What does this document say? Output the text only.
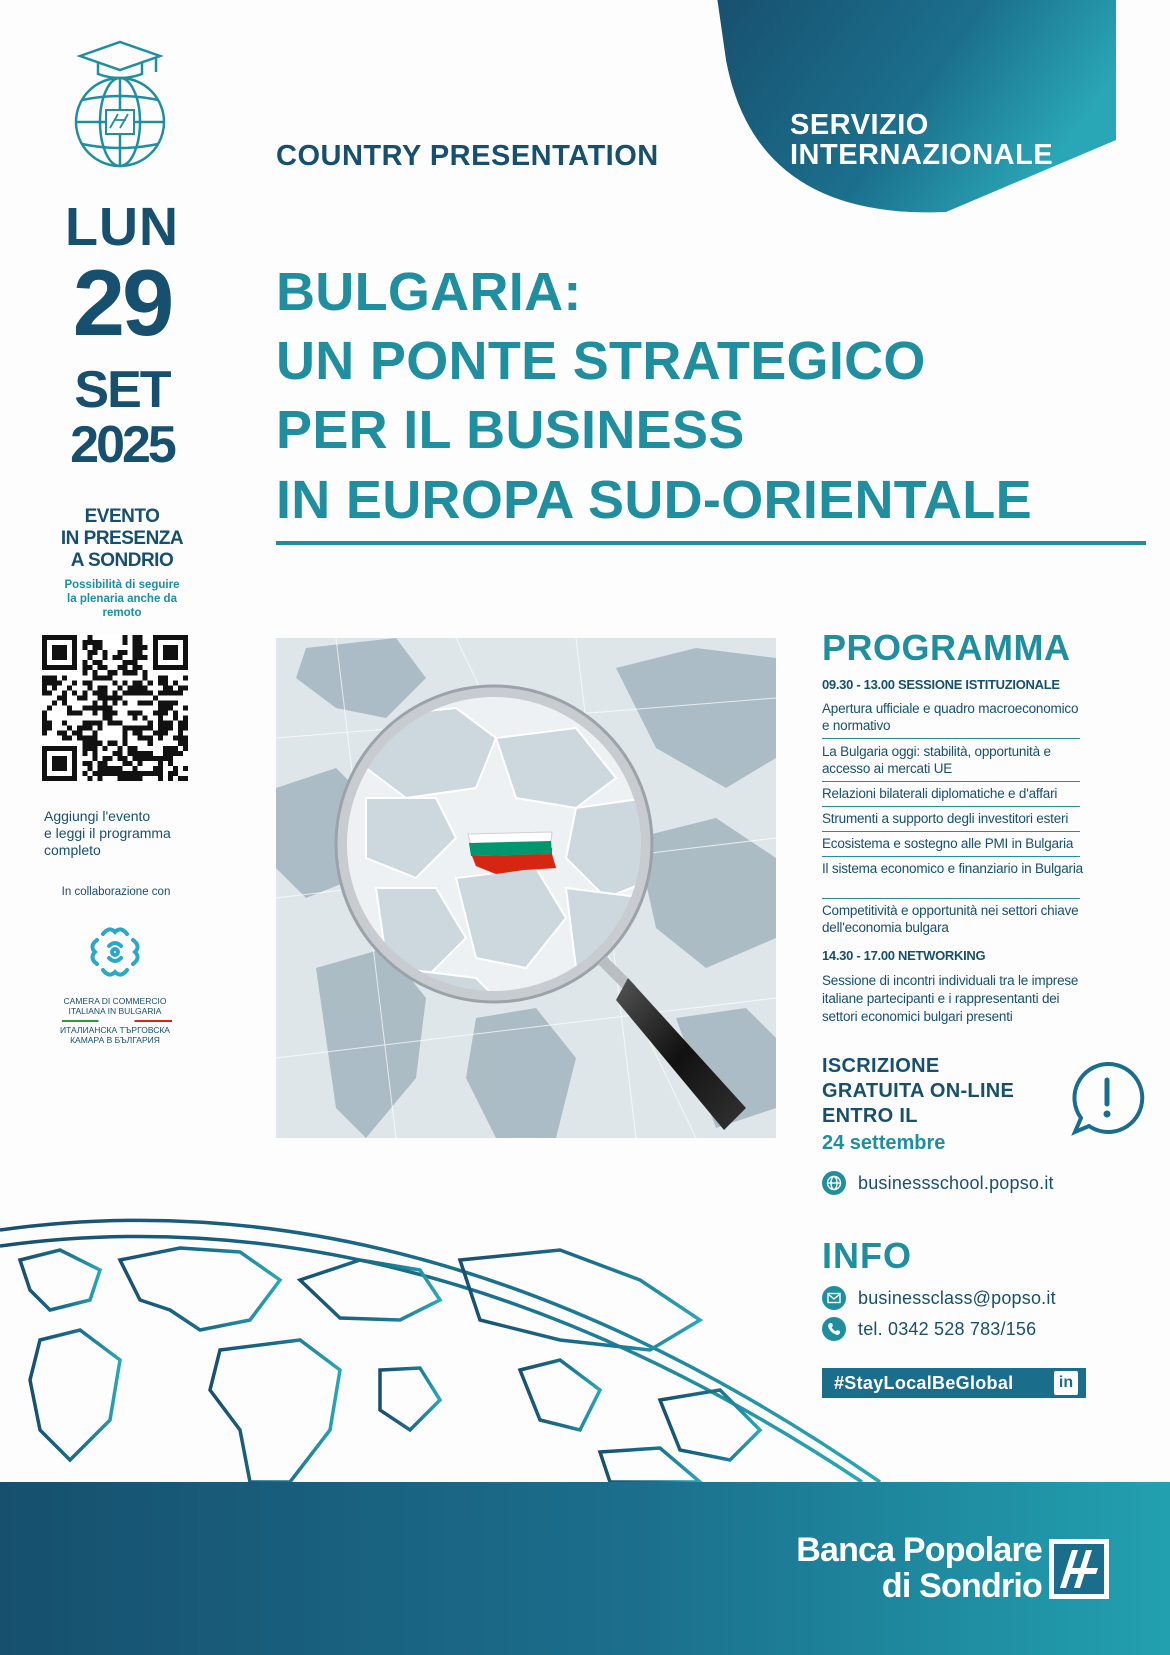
SERVIZIO
INTERNAZIONALE
COUNTRY PRESENTATION
LUN
29
SET
2025
EVENTO
IN PRESENZA
A SONDRIO
Possibilità di seguire
la plenaria anche da
remoto
Aggiungi l'evento
e leggi il programma
completo
In collaborazione con
CAMERA DI COMMERCIO
ITALIANA IN BULGARIA
ИТАЛИАНСКА ТЪРГОВСКА
КАМАРА В БЪЛГАРИЯ
BULGARIA:
UN PONTE STRATEGICO
PER IL BUSINESS
IN EUROPA SUD-ORIENTALE
PROGRAMMA
09.30 - 13.00 SESSIONE ISTITUZIONALE
Apertura ufficiale e quadro macroeconomico e normativo
La Bulgaria oggi: stabilità, opportunità e accesso ai mercati UE
Relazioni bilaterali diplomatiche e d'affari
Strumenti a supporto degli investitori esteri
Ecosistema e sostegno alle PMI in Bulgaria
Il sistema economico e finanziario in Bulgaria
Competitività e opportunità nei settori chiave dell'economia bulgara
14.30 - 17.00 NETWORKING
Sessione di incontri individuali tra le imprese italiane partecipanti e i rappresentanti dei settori economici bulgari presenti
ISCRIZIONE
GRATUITA ON-LINE
ENTRO IL
24 settembre
businessschool.popso.it
INFO
businessclass@popso.it
tel. 0342 528 783/156
#StayLocalBeGlobal	in
Banca Popolare
di Sondrio
